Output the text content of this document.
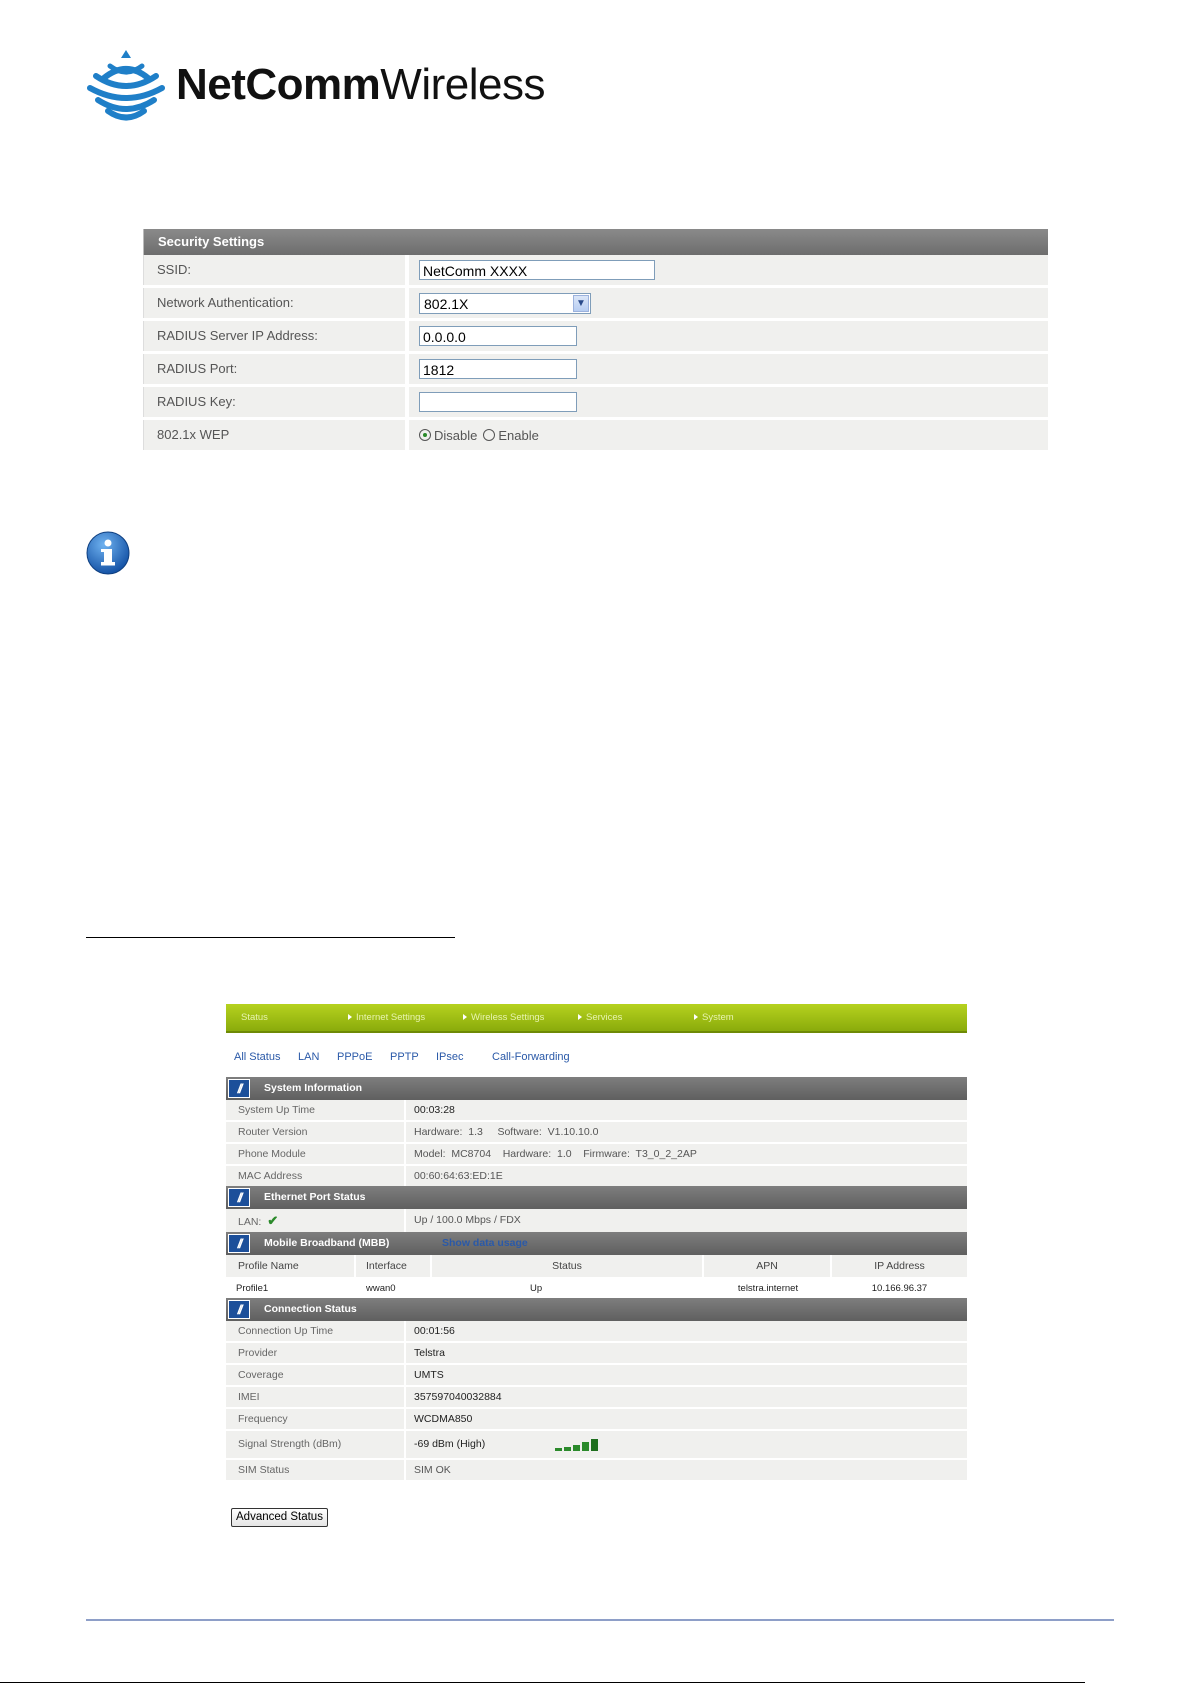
NetCommWireless
Security Settings
SSID:	NetComm XXXX
Network Authentication:	802.1X	▼
RADIUS Server IP Address:	0.0.0.0
RADIUS Port:	1812
RADIUS Key:
802.1x WEP	Disable Enable
Status	Internet Settings	Wireless Settings	Services	System
All Status LAN PPPoE PPTP IPsec	Call-Forwarding
//	System Information
System Up Time	00:03:28
Router Version	Hardware:  1.3     Software:  V1.10.10.0
Phone Module	Model:  MC8704    Hardware:  1.0    Firmware:  T3_0_2_2AP
MAC Address	00:60:64:63:ED:1E
//	Ethernet Port Status
LAN: ✔	Up / 100.0 Mbps / FDX
//	Mobile Broadband (MBB)	Show data usage
Profile Name	Interface	Status	APN	IP Address
Profile1	wwan0	Up	telstra.internet	10.166.96.37
//	Connection Status
Connection Up Time	00:01:56
Provider	Telstra
Coverage	UMTS
IMEI	357597040032884
Frequency	WCDMA850
Signal Strength (dBm)	-69 dBm (High)
SIM Status	SIM OK
Advanced Status
